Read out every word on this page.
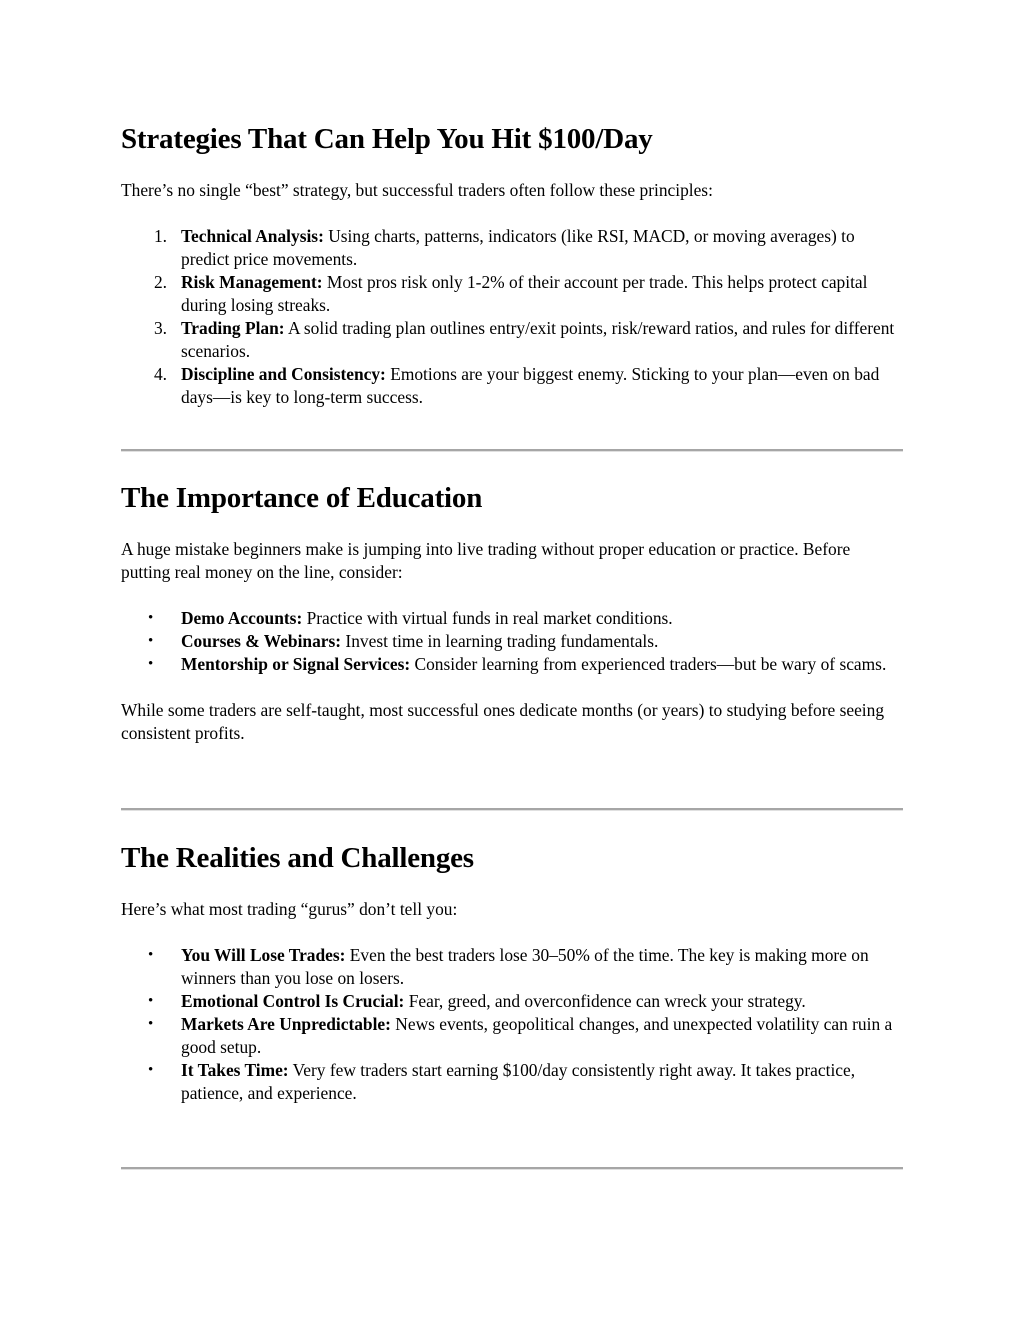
Strategies That Can Help You Hit $100/Day

There’s no single “best” strategy, but successful traders often follow these principles:

1. Technical Analysis: Using charts, patterns, indicators (like RSI, MACD, or moving averages) to predict price movements.
2. Risk Management: Most pros risk only 1-2% of their account per trade. This helps protect capital during losing streaks.
3. Trading Plan: A solid trading plan outlines entry/exit points, risk/reward ratios, and rules for different scenarios.
4. Discipline and Consistency: Emotions are your biggest enemy. Sticking to your plan—even on bad days—is key to long-term success.
The Importance of Education

A huge mistake beginners make is jumping into live trading without proper education or practice. Before putting real money on the line, consider:

• Demo Accounts: Practice with virtual funds in real market conditions.
• Courses & Webinars: Invest time in learning trading fundamentals.
• Mentorship or Signal Services: Consider learning from experienced traders—but be wary of scams.

While some traders are self-taught, most successful ones dedicate months (or years) to studying before seeing consistent profits.

The Realities and Challenges

Here’s what most trading “gurus” don’t tell you:

• You Will Lose Trades: Even the best traders lose 30–50% of the time. The key is making more on winners than you lose on losers.
• Emotional Control Is Crucial: Fear, greed, and overconfidence can wreck your strategy.
• Markets Are Unpredictable: News events, geopolitical changes, and unexpected volatility can ruin a good setup.
• It Takes Time: Very few traders start earning $100/day consistently right away. It takes practice, patience, and experience.
